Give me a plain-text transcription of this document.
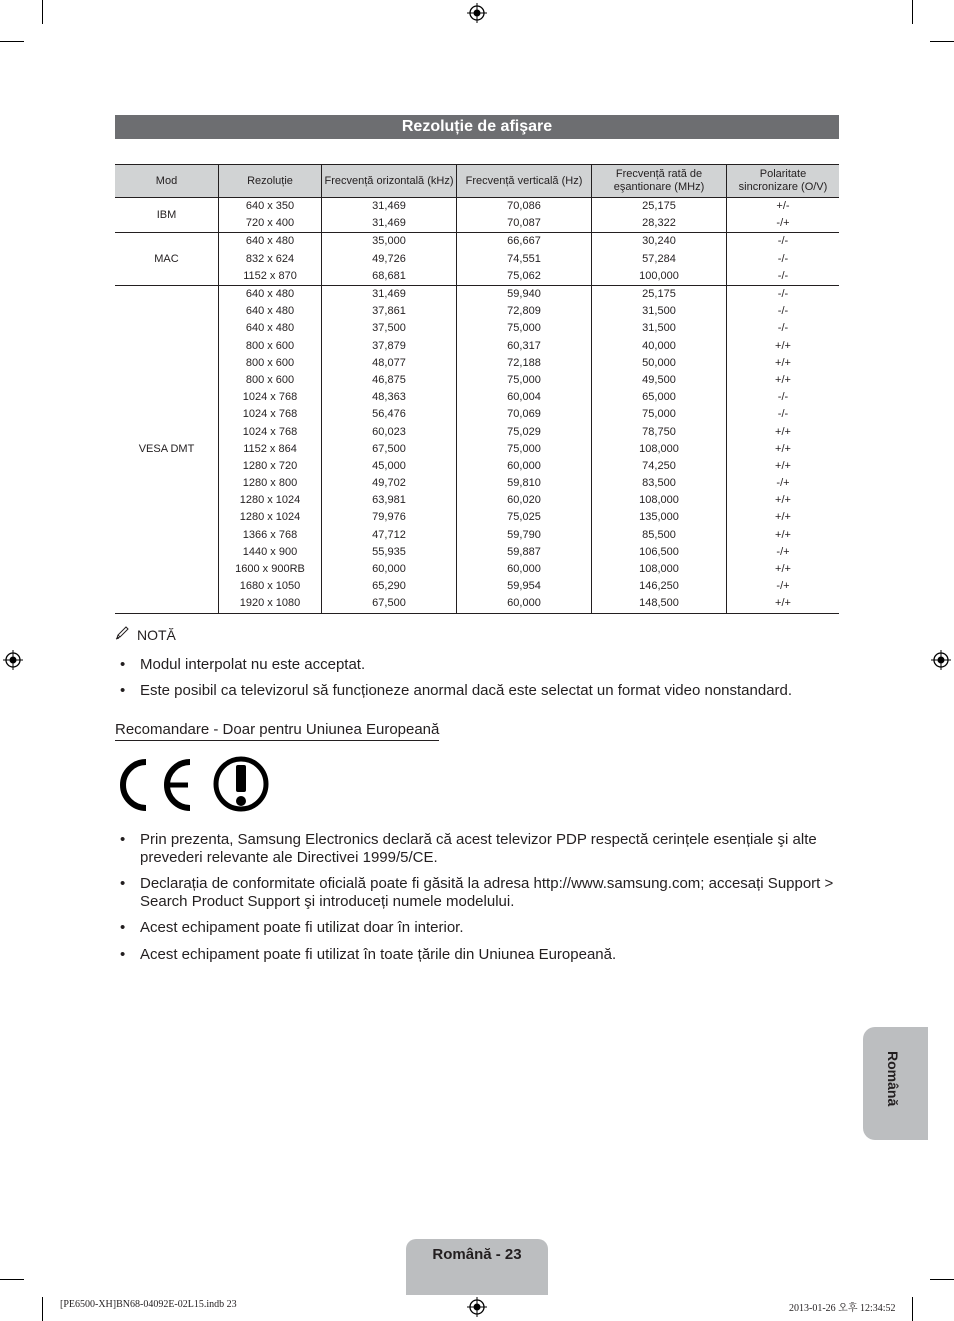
Rezoluție de afişare
Mod	Rezoluție	Frecvență orizontală (kHz)	Frecvență verticală (Hz)	Frecvență rată de eşantionare (MHz)	Polaritate sincronizare (O/V)
IBM	640 x 350	31,469	70,086	25,175	+/-
	720 x 400	31,469	70,087	28,322	-/+
MAC	640 x 480	35,000	66,667	30,240	-/-
	832 x 624	49,726	74,551	57,284	-/-
	1152 x 870	68,681	75,062	100,000	-/-
VESA DMT	640 x 480	31,469	59,940	25,175	-/-
	640 x 480	37,861	72,809	31,500	-/-
	640 x 480	37,500	75,000	31,500	-/-
	800 x 600	37,879	60,317	40,000	+/+
	800 x 600	48,077	72,188	50,000	+/+
	800 x 600	46,875	75,000	49,500	+/+
	1024 x 768	48,363	60,004	65,000	-/-
	1024 x 768	56,476	70,069	75,000	-/-
	1024 x 768	60,023	75,029	78,750	+/+
	1152 x 864	67,500	75,000	108,000	+/+
	1280 x 720	45,000	60,000	74,250	+/+
	1280 x 800	49,702	59,810	83,500	-/+
	1280 x 1024	63,981	60,020	108,000	+/+
	1280 x 1024	79,976	75,025	135,000	+/+
	1366 x 768	47,712	59,790	85,500	+/+
	1440 x 900	55,935	59,887	106,500	-/+
	1600 x 900RB	60,000	60,000	108,000	+/+
	1680 x 1050	65,290	59,954	146,250	-/+
	1920 x 1080	67,500	60,000	148,500	+/+
NOTĂ
• Modul interpolat nu este acceptat.
• Este posibil ca televizorul să funcționeze anormal dacă este selectat un format video nonstandard.
Recomandare - Doar pentru Uniunea Europeană
• Prin prezenta, Samsung Electronics declară că acest televizor PDP respectă cerințele esențiale şi alte prevederi relevante ale Directivei 1999/5/CE.
• Declarația de conformitate oficială poate fi găsită la adresa http://www.samsung.com; accesați Support > Search Product Support şi introduceți numele modelului.
• Acest echipament poate fi utilizat doar în interior.
• Acest echipament poate fi utilizat în toate țările din Uniunea Europeană.
Română
Română - 23
[PE6500-XH]BN68-04092E-02L15.indb 23	2013-01-26 오후 12:34:52
